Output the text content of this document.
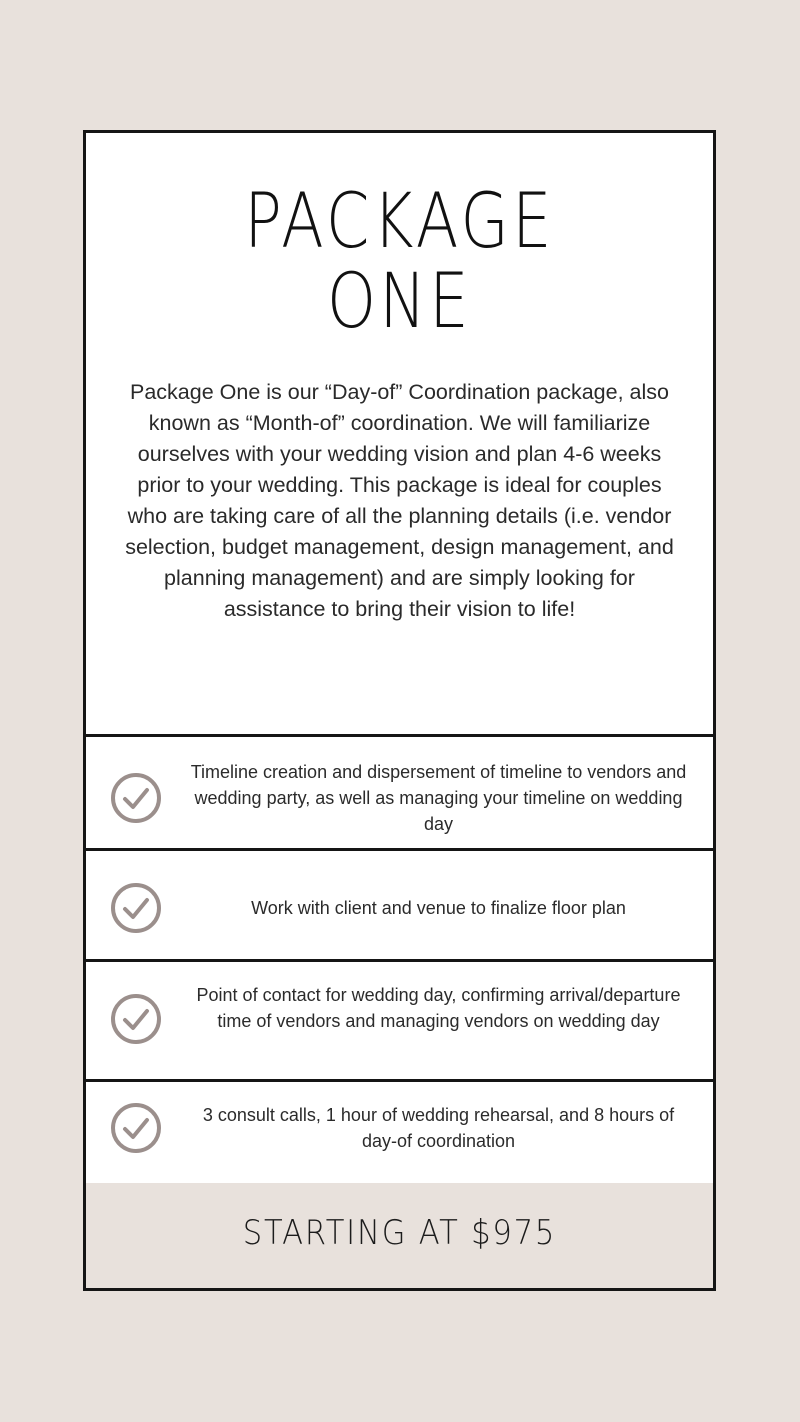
PACKAGE
ONE

Package One is our “Day-of” Coordination package, also known as “Month-of” coordination. We will familiarize ourselves with your wedding vision and plan 4-6 weeks prior to your wedding. This package is ideal for couples who are taking care of all the planning details (i.e. vendor selection, budget management, design management, and planning management) and are simply looking for assistance to bring their vision to life!

Timeline creation and dispersement of timeline to vendors and wedding party, as well as managing your timeline on wedding day
Work with client and venue to finalize floor plan
Point of contact for wedding day, confirming arrival/departure time of vendors and managing vendors on wedding day
3 consult calls, 1 hour of wedding rehearsal, and 8 hours of day-of coordination

STARTING AT $975
